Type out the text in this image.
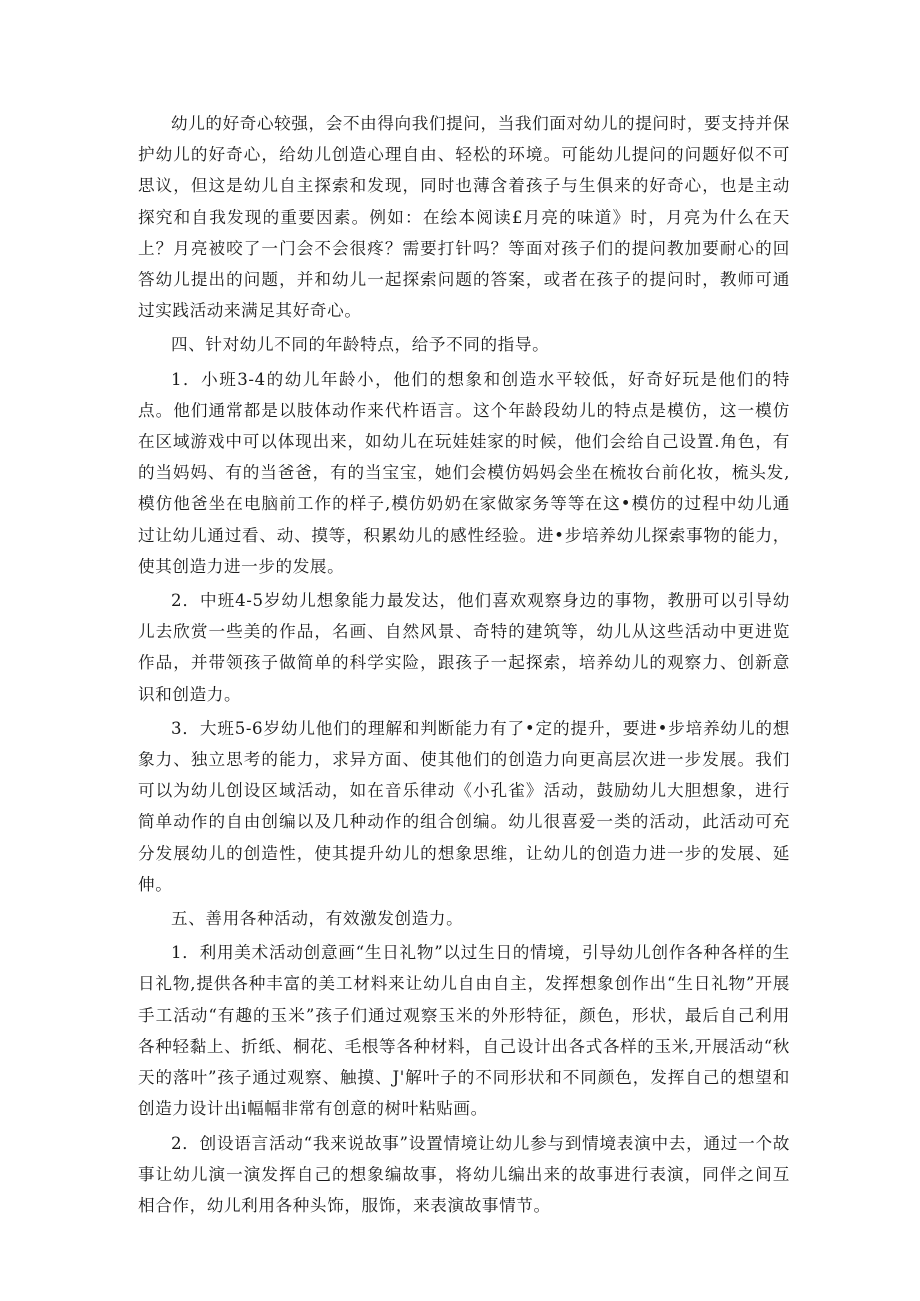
幼儿的好奇心较强，会不由得向我们提问，当我们面对幼儿的提问时，要支持并保护幼儿的好奇心，给幼儿创造心理自由、轻松的环境。可能幼儿提问的问题好似不可思议，但这是幼儿自主探索和发现，同时也薄含着孩子与生俱来的好奇心，也是主动探究和自我发现的重要因素。例如：在绘本阅读£月亮的味道》时，月亮为什么在天上？月亮被咬了一门会不会很疼？需要打针吗？等面对孩子们的提问教加要耐心的回答幼儿提出的问题，并和幼儿一起探索问题的答案，或者在孩子的提问时，教师可通过实践活动来满足其好奇心。

四、针对幼儿不同的年龄特点，给予不同的指导。

1．小班3-4的幼儿年龄小，他们的想象和创造水平较低，好奇好玩是他们的特点。他们通常都是以肢体动作来代杵语言。这个年龄段幼儿的特点是模仿，这一模仿在区域游戏中可以体现出来，如幼儿在玩娃娃家的时候，他们会给自己设置.角色，有的当妈妈、有的当爸爸，有的当宝宝，她们会模仿妈妈会坐在梳妆台前化妆，梳头发,模仿他爸坐在电脑前工作的样子,模仿奶奶在家做家务等等在这•模仿的过程中幼儿通过让幼儿通过看、动、摸等，积累幼儿的感性经验。进•步培养幼儿探索事物的能力，使其创造力进一步的发展。

2．中班4-5岁幼儿想象能力最发达，他们喜欢观察身边的事物，教册可以引导幼儿去欣赏一些美的作品，名画、自然风景、奇特的建筑等，幼儿从这些活动中更进览作品，并带领孩子做简单的科学实险，跟孩子一起探索，培养幼儿的观察力、创新意识和创造力。

3．大班5-6岁幼儿他们的理解和判断能力有了•定的提升，要进•步培养幼儿的想象力、独立思考的能力，求异方面、使其他们的创造力向更高层次进一步发展。我们可以为幼儿创设区域活动，如在音乐律动《小孔雀》活动，鼓励幼儿大胆想象，进行简单动作的自由创编以及几种动作的组合创编。幼儿很喜爱一类的活动，此活动可充分发展幼儿的创造性，使其提升幼儿的想象思维，让幼儿的创造力进一步的发展、延伸。

五、善用各种活动，有效激发创造力。

1．利用美术活动创意画“生日礼物”以过生日的情境，引导幼儿创作各种各样的生日礼物,提供各种丰富的美工材料来让幼儿自由自主，发挥想象创作出“生日礼物”开展手工活动“有趣的玉米”孩子们通过观察玉米的外形特征，颜色，形状，最后自己利用各种轻黏上、折纸、桐花、毛根等各种材料，自己设计出各式各样的玉米,开展活动“秋天的落叶”孩子通过观察、触摸、J'解叶子的不同形状和不同颜色，发挥自己的想望和创造力设计出i幅幅非常有创意的树叶粘贴画。

2．创设语言活动“我来说故事”设置情境让幼儿参与到情境表演中去，通过一个故事让幼儿演一演发挥自己的想象编故事，将幼儿编出来的故事进行表演，同伴之间互相合作，幼儿利用各种头饰，服饰，来表演故事情节。
